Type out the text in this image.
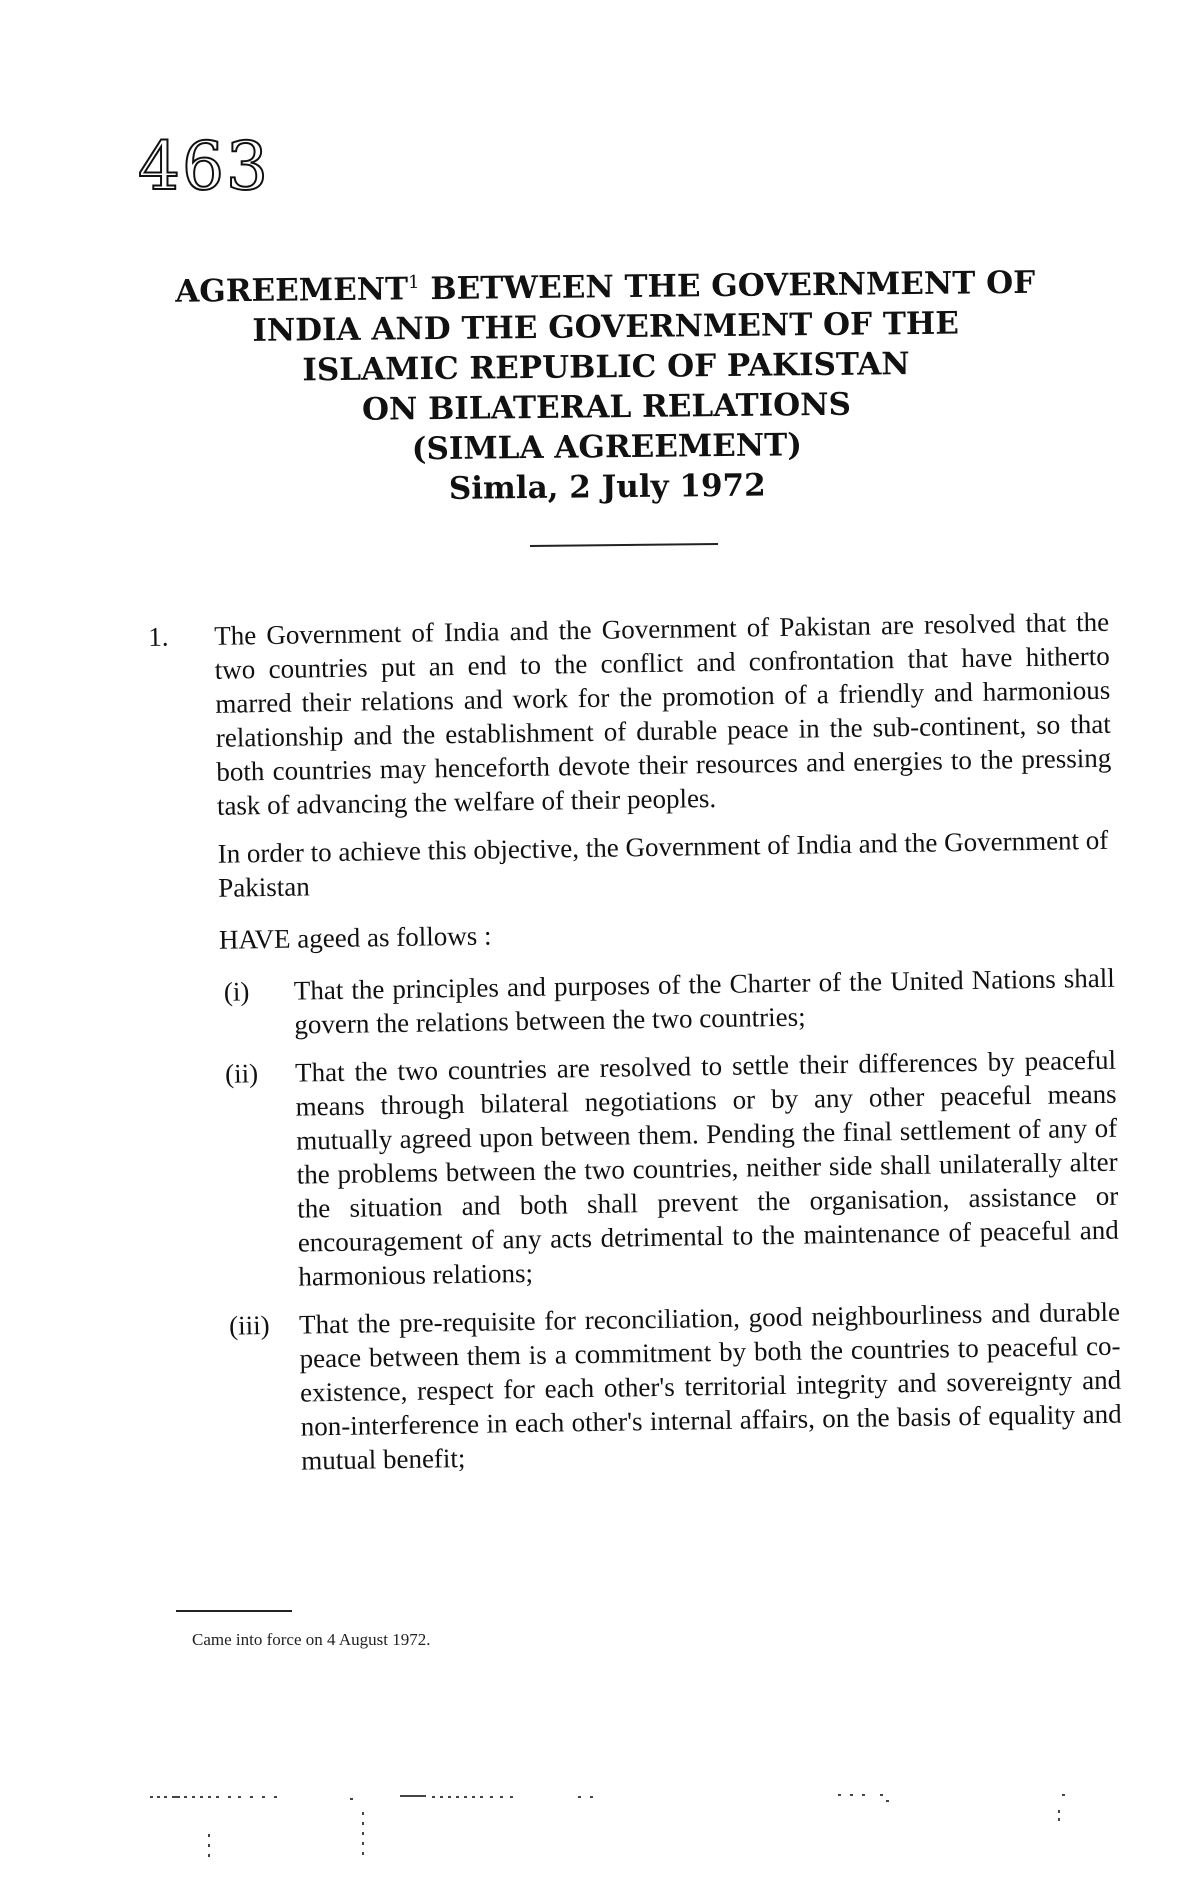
463
AGREEMENT$^1$ BETWEEN THE GOVERNMENT OF
INDIA AND THE GOVERNMENT OF THE
ISLAMIC REPUBLIC OF PAKISTAN
ON BILATERAL RELATIONS
(SIMLA AGREEMENT)
Simla, 2 July 1972
1. The Government of India and the Government of Pakistan are resolved that the two countries put an end to the conflict and confrontation that have hitherto marred their relations and work for the promotion of a friendly and harmonious relationship and the establishment of durable peace in the sub-continent, so that both countries may henceforth devote their resources and energies to the pressing task of advancing the welfare of their peoples.
In order to achieve this objective, the Government of India and the Government of Pakistan
HAVE ageed as follows :
(i) That the principles and purposes of the Charter of the United Nations shall govern the relations between the two countries;
(ii) That the two countries are resolved to settle their differences by peaceful means through bilateral negotiations or by any other peaceful means mutually agreed upon between them. Pending the final settlement of any of the problems between the two countries, neither side shall unilaterally alter the situation and both shall prevent the organisation, assistance or encouragement of any acts detrimental to the maintenance of peaceful and harmonious relations;
(iii) That the pre-requisite for reconciliation, good neighbourliness and durable peace between them is a commitment by both the countries to peaceful co-existence, respect for each other's territorial integrity and sovereignty and non-interference in each other's internal affairs, on the basis of equality and mutual benefit;
Came into force on 4 August 1972.
